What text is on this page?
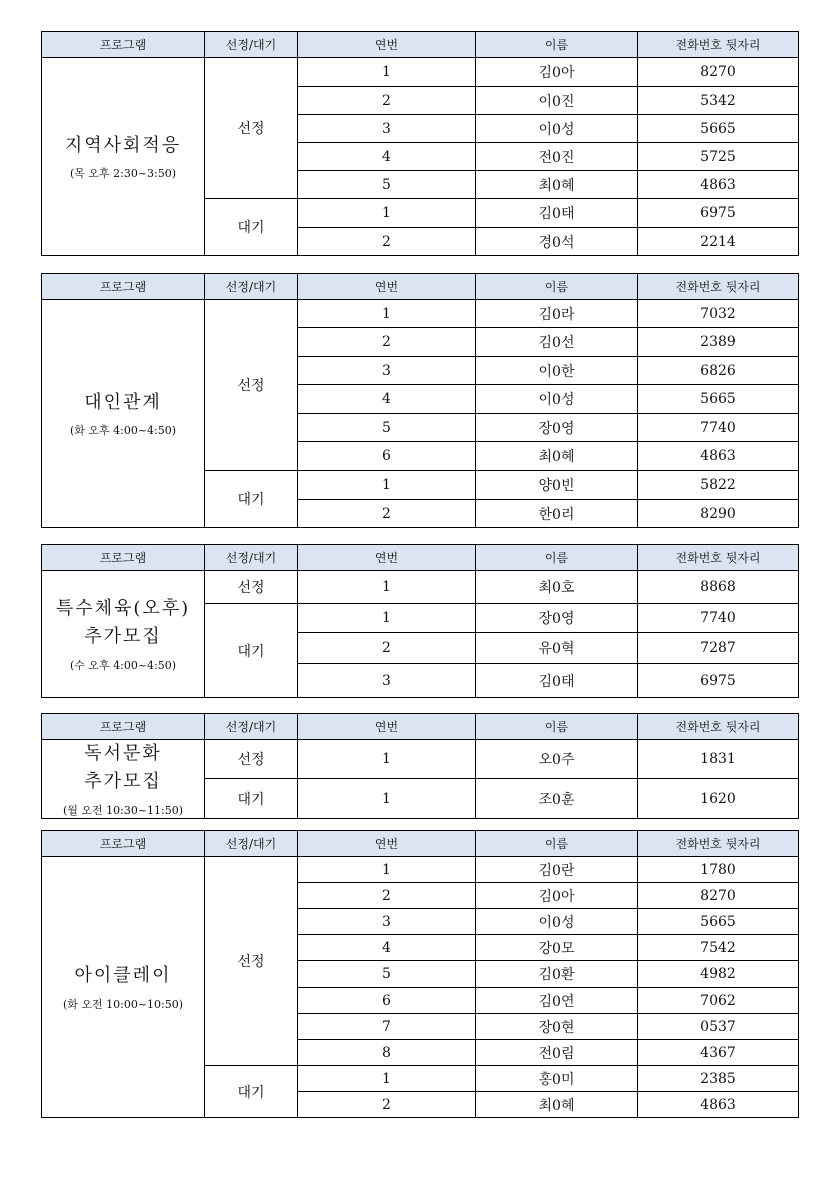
프로그램	선정/대기	연번	이름	전화번호 뒷자리

지역사회적응
(목 오후 2:30~3:50)	선정	1	김0아	8270
		2	이0진	5342
		3	이0성	5665
		4	전0진	5725
		5	최0혜	4863
	대기	1	김0태	6975
		2	경0석	2214
프로그램	선정/대기	연번	이름	전화번호 뒷자리

대인관계
(화 오후 4:00~4:50)	선정	1	김0라	7032
		2	김0선	2389
		3	이0한	6826
		4	이0성	5665
		5	장0영	7740
		6	최0혜	4863
	대기	1	양0빈	5822
		2	한0리	8290
프로그램	선정/대기	연번	이름	전화번호 뒷자리

특수체육(오후)
추가모집
(수 오후 4:00~4:50)	선정	1	최0호	8868
	대기	1	장0영	7740
		2	유0혁	7287
		3	김0태	6975
프로그램	선정/대기	연번	이름	전화번호 뒷자리

독서문화
추가모집
(월 오전 10:30~11:50)	선정	1	오0주	1831
	대기	1	조0훈	1620
프로그램	선정/대기	연번	이름	전화번호 뒷자리

아이클레이
(화 오전 10:00~10:50)	선정	1	김0란	1780
		2	김0아	8270
		3	이0성	5665
		4	강0모	7542
		5	김0환	4982
		6	김0연	7062
		7	장0현	0537
		8	전0림	4367
	대기	1	홍0미	2385
		2	최0혜	4863
